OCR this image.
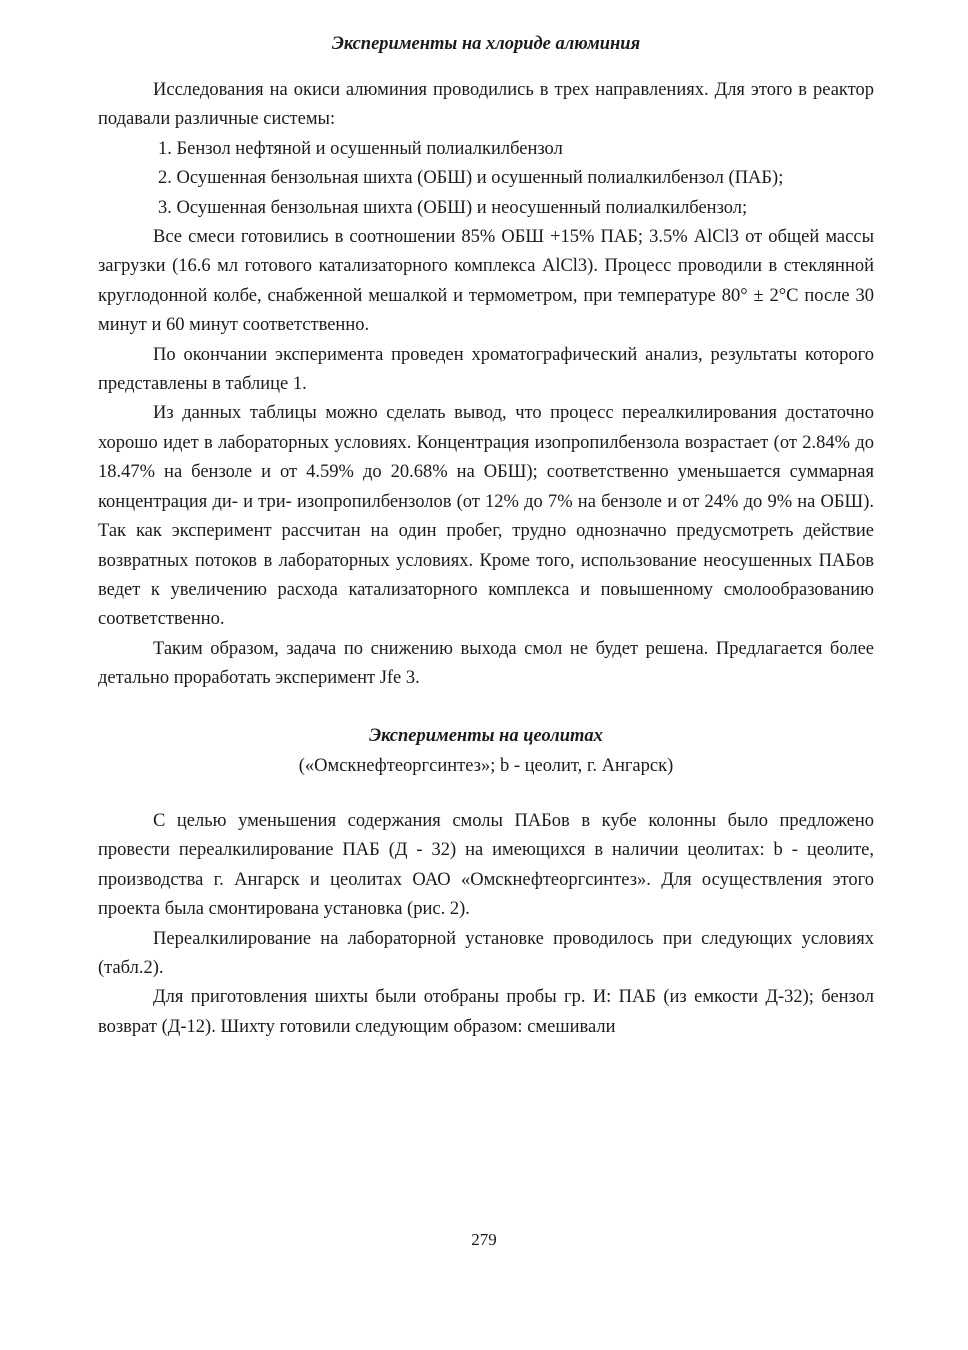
Эксперименты на хлориде алюминия

Исследования на окиси алюминия проводились в трех направлениях. Для этого в реактор подавали различные системы:

1. Бензол нефтяной и осушенный полиалкилбензол

2. Осушенная бензольная шихта (ОБШ) и осушенный полиалкилбензол (ПАБ);

3. Осушенная бензольная шихта (ОБШ) и неосушенный полиалкилбензол;

Все смеси готовились в соотношении 85% ОБШ +15% ПАБ; 3.5% AlCl3 от общей массы загрузки (16.6 мл готового катализаторного комплекса AlCl3). Процесс проводили в стеклянной круглодонной колбе, снабженной мешалкой и термометром, при температуре 80° ± 2°С после 30 минут и 60 минут соответственно.

По окончании эксперимента проведен хроматографический анализ, результаты которого представлены в таблице 1.

Из данных таблицы можно сделать вывод, что процесс переалкилирования достаточно хорошо идет в лабораторных условиях. Концентрация изопропилбензола возрастает (от 2.84% до 18.47% на бензоле и от 4.59% до 20.68% на ОБШ); соответственно уменьшается суммарная концентрация ди- и три- изопропилбензолов (от 12% до 7% на бензоле и от 24% до 9% на ОБШ). Так как эксперимент рассчитан на один пробег, трудно однозначно предусмотреть действие возвратных потоков в лабораторных условиях. Кроме того, использование неосушенных ПАБов ведет к увеличению расхода катализаторного комплекса и повышенному смолообразованию соответственно.

Таким образом, задача по снижению выхода смол не будет решена. Предлагается более детально проработать эксперимент Jfe 3.

Эксперименты на цеолитах

(«Омскнефтеоргсинтез»; b - цеолит, г. Ангарск)

С целью уменьшения содержания смолы ПАБов в кубе колонны было предложено провести переалкилирование ПАБ (Д - 32) на имеющихся в наличии цеолитах: b - цеолите, производства г. Ангарск и цеолитах ОАО «Омскнефтеоргсинтез». Для осуществления этого проекта была смонтирована установка (рис. 2).

Переалкилирование на лабораторной установке проводилось при следующих условиях (табл.2).

Для приготовления шихты были отобраны пробы гр. И: ПАБ (из емкости Д-32); бензол возврат (Д-12). Шихту готовили следующим образом: смешивали

279
